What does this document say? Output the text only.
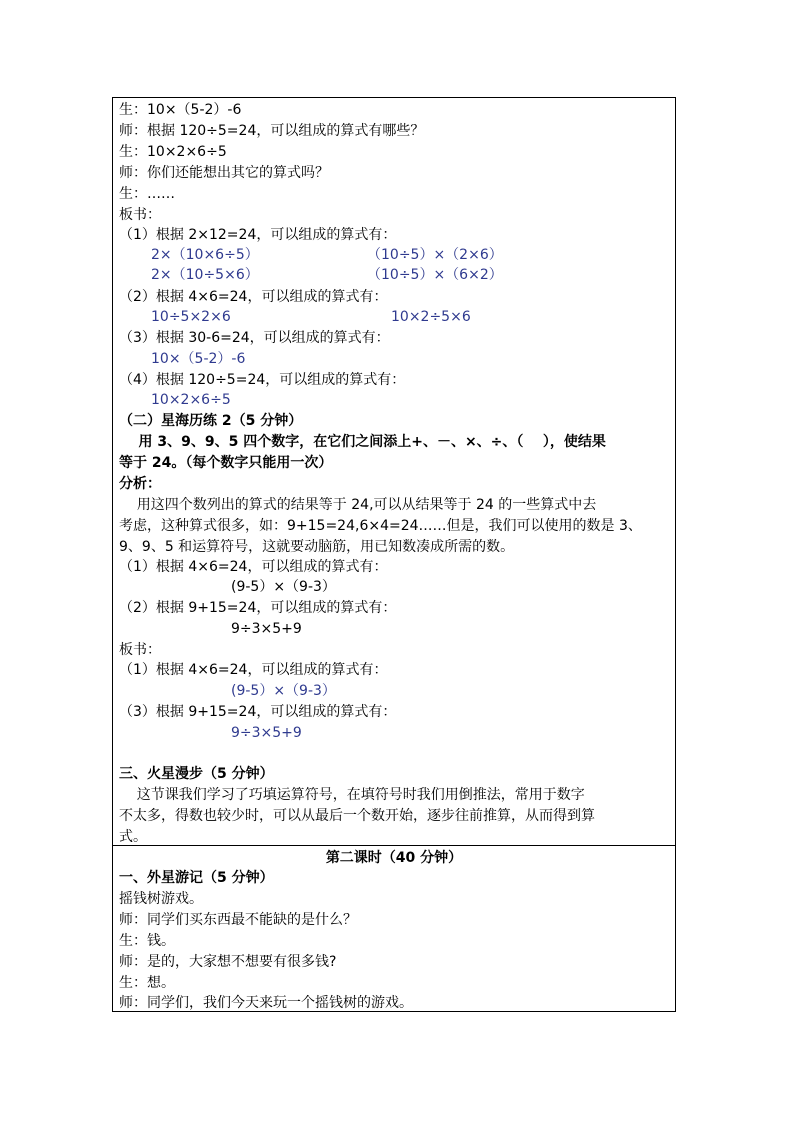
生：10×（5-2）-6
师：根据 120÷5=24，可以组成的算式有哪些？
生：10×2×6÷5
师：你们还能想出其它的算式吗？
生：……
板书：
（1）根据 2×12=24，可以组成的算式有：
2×（10×6÷5）	（10÷5）×（2×6）
2×（10÷5×6）	（10÷5）×（6×2）
（2）根据 4×6=24，可以组成的算式有：
10÷5×2×6	10×2÷5×6
（3）根据 30-6=24，可以组成的算式有：
10×（5-2）-6
（4）根据 120÷5=24，可以组成的算式有：
10×2×6÷5
（二）星海历练 2（5 分钟）
用 3、9、9、5 四个数字，在它们之间添上+、－、×、÷、（    ），使结果
等于 24。（每个数字只能用一次）
分析：
用这四个数列出的算式的结果等于 24,可以从结果等于 24 的一些算式中去
考虑，这种算式很多，如：9+15=24,6×4=24……但是，我们可以使用的数是 3、
9、9、5 和运算符号，这就要动脑筋，用已知数凑成所需的数。
（1）根据 4×6=24，可以组成的算式有：
(9-5）×（9-3）
（2）根据 9+15=24，可以组成的算式有：
9÷3×5+9
板书：
（1）根据 4×6=24，可以组成的算式有：
(9-5）×（9-3）
（3）根据 9+15=24，可以组成的算式有：
9÷3×5+9
三、火星漫步（5 分钟）
这节课我们学习了巧填运算符号，在填符号时我们用倒推法，常用于数字
不太多，得数也较少时，可以从最后一个数开始，逐步往前推算，从而得到算
式。
第二课时（40 分钟）
一、外星游记（5 分钟）
摇钱树游戏。
师：同学们买东西最不能缺的是什么？
生：钱。
师：是的，大家想不想要有很多钱?
生：想。
师：同学们，我们今天来玩一个摇钱树的游戏。
